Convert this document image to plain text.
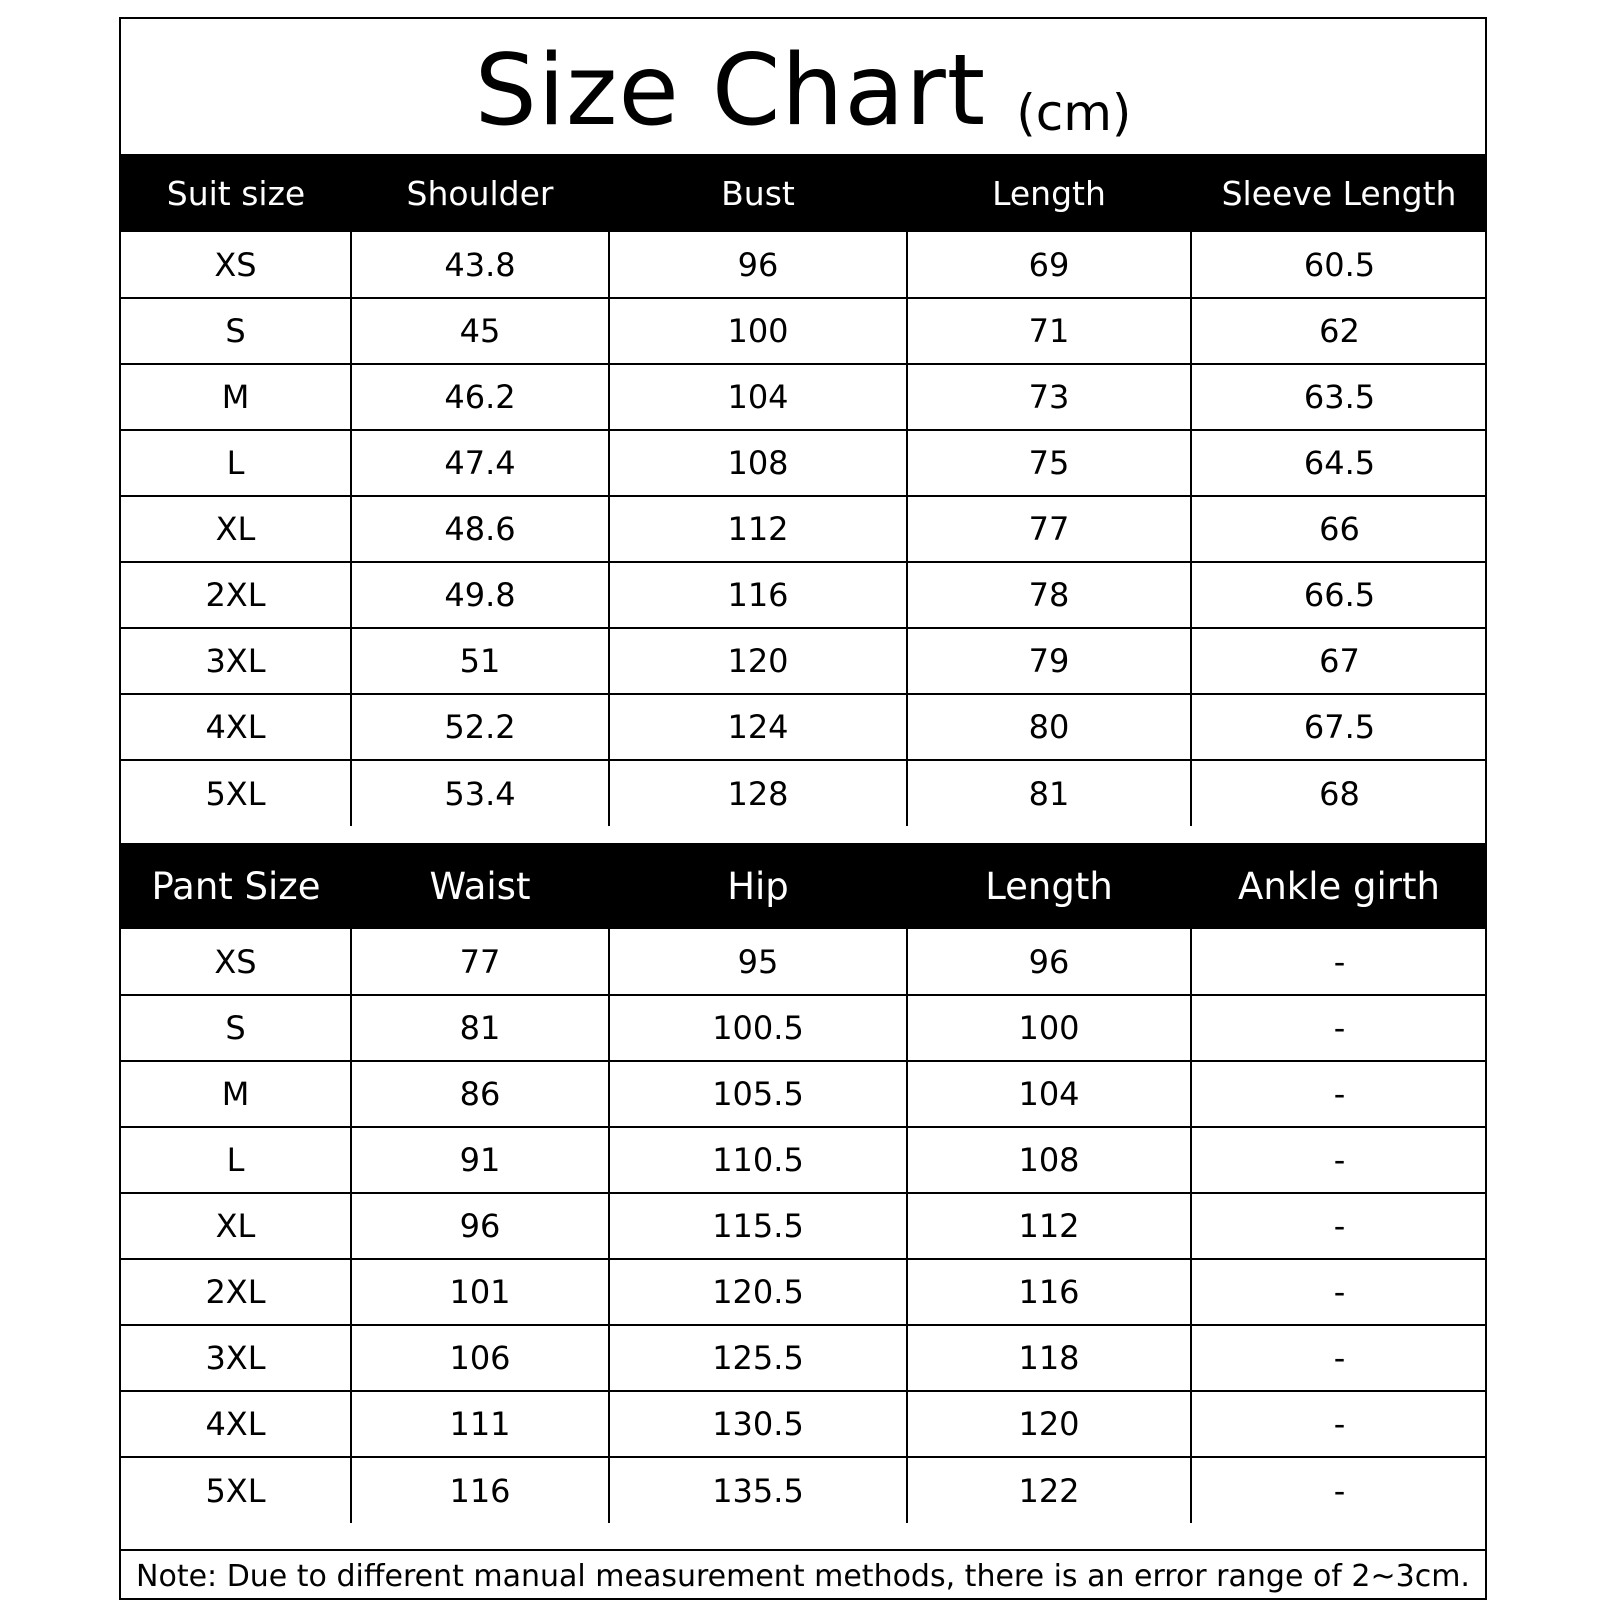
Size Chart (cm)
Suit size	Shoulder	Bust	Length	Sleeve Length
XS	43.8	96	69	60.5
S	45	100	71	62
M	46.2	104	73	63.5
L	47.4	108	75	64.5
XL	48.6	112	77	66
2XL	49.8	116	78	66.5
3XL	51	120	79	67
4XL	52.2	124	80	67.5
5XL	53.4	128	81	68
Pant Size	Waist	Hip	Length	Ankle girth
XS	77	95	96	-
S	81	100.5	100	-
M	86	105.5	104	-
L	91	110.5	108	-
XL	96	115.5	112	-
2XL	101	120.5	116	-
3XL	106	125.5	118	-
4XL	111	130.5	120	-
5XL	116	135.5	122	-
Note: Due to different manual measurement methods, there is an error range of 2~3cm.
